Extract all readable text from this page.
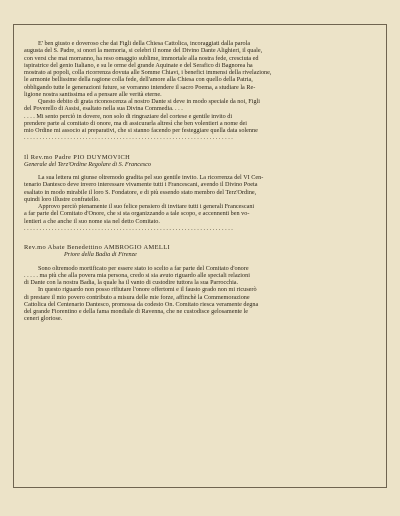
E' ben giusto e doveroso che dai Figli della Chiesa Cattolica, incoraggiati dalla parola

augusta del S. Padre, si onori la memoria, si celebri il nome del Divino Dante Alighieri, il quale,

con versi che mai morranno, ha reso omaggio sublime, immortale alla nostra fede, cresciuta ed

ispiratrice del genio Italiano, e su le orme del grande Aquinate e del Serafico di Bagnorea ha

mostrato ai popoli, colla ricorrenza dovuta alle Somme Chiavi, i benefici immensi della rivelazione,

le armonie bellissime della ragione colla fede, dell'amore alla Chiesa con quello della Patria,

obbligando tutte le generazioni future, se vorranno intendere il sacro Poema, a studiare la Re-

ligione nostra santissima ed a pensare alle verità eterne.

Questo debito di grata riconoscenza al nostro Dante si deve in modo speciale da noi, Figli

del Poverello di Assisi, esaltato nella sua Divina Commedia. . . .

. . . . Mi sento perciò in dovere, non solo di ringraziare del cortese e gentile invito di

prendere parte al comitato di onore, ma di assicurarla altresì che ben volentieri a nome dei

mio Ordine mi associo ai preparativi, che si stanno facendo per festeggiare quella data solenne

. . . . . . . . . . . . . . . . . . . . . . . . . . . . . . . . . . . . . . . . . . . . . . . . . . . . . . . . . . . . . . . . . . . .

Il Rev.mo Padre PIO DUYMOVICH

Generale del Terz'Ordine Regolare di S. Francesco

La sua lettera mi giunse oltremodo gradita pel suo gentile invito. La ricorrenza del VI Cen-

tenario Dantesco deve invero interessare vivamente tutti i Francescani, avendo il Divino Poeta

esaltato in modo mirabile il loro S. Fondatore, e di più essendo stato membro del Terz'Ordine,

quindi loro illustre confratello.

Approvo perciò pienamente il suo felice pensiero di invitare tutti i generali Francescani

a far parte del Comitato d'Onore, che si sta organizzando a tale scopo, e accennenti ben vo-

lentieri a che anche il suo nome sia nel detto Comitato.

. . . . . . . . . . . . . . . . . . . . . . . . . . . . . . . . . . . . . . . . . . . . . . . . . . . . . . . . . . . . . . . . . . . .

Rev.mo Abate Benedettino AMBROGIO AMELLI

Priore della Badia di Firenze

Sono oltremodo mortificato per essere stato io scelto a far parte del Comitato d'onore

. . . . . ma più che alla povera mia persona, credo si sia avuto riguardo alle speciali relazioni

di Dante con la nostra Badia, la quale ha il vanto di custodire tuttora la sua Parrocchia.

In questo riguardo non posso rifiutare l'onore offertomi e il fausto grado non mi ricuserò

di prestare il mio povero contributo a misura delle mie forze, affinchè la Commemorazione

Cattolica del Centenario Dantesco, promossa da codesto On. Comitato riesca veramente degna

del grande Fiorentino e della fama mondiale di Ravenna, che ne custodisce gelosamente le

ceneri gloriose.
